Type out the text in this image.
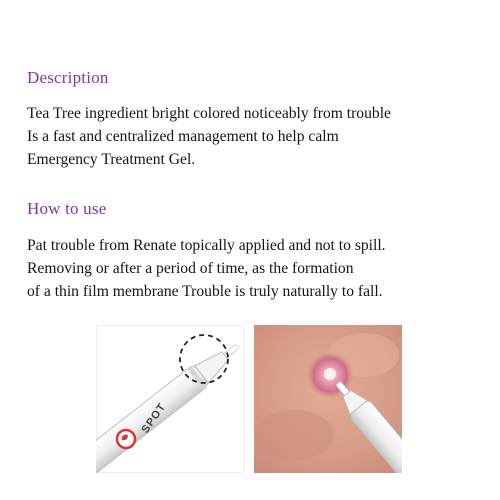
Description
Tea Tree ingredient bright colored noticeably from trouble
Is a fast and centralized management to help calm
Emergency Treatment Gel.
How to use
Pat trouble from Renate topically applied and not to spill.
Removing or after a period of time, as the formation
of a thin film membrane Trouble is truly naturally to fall.
SPOT
